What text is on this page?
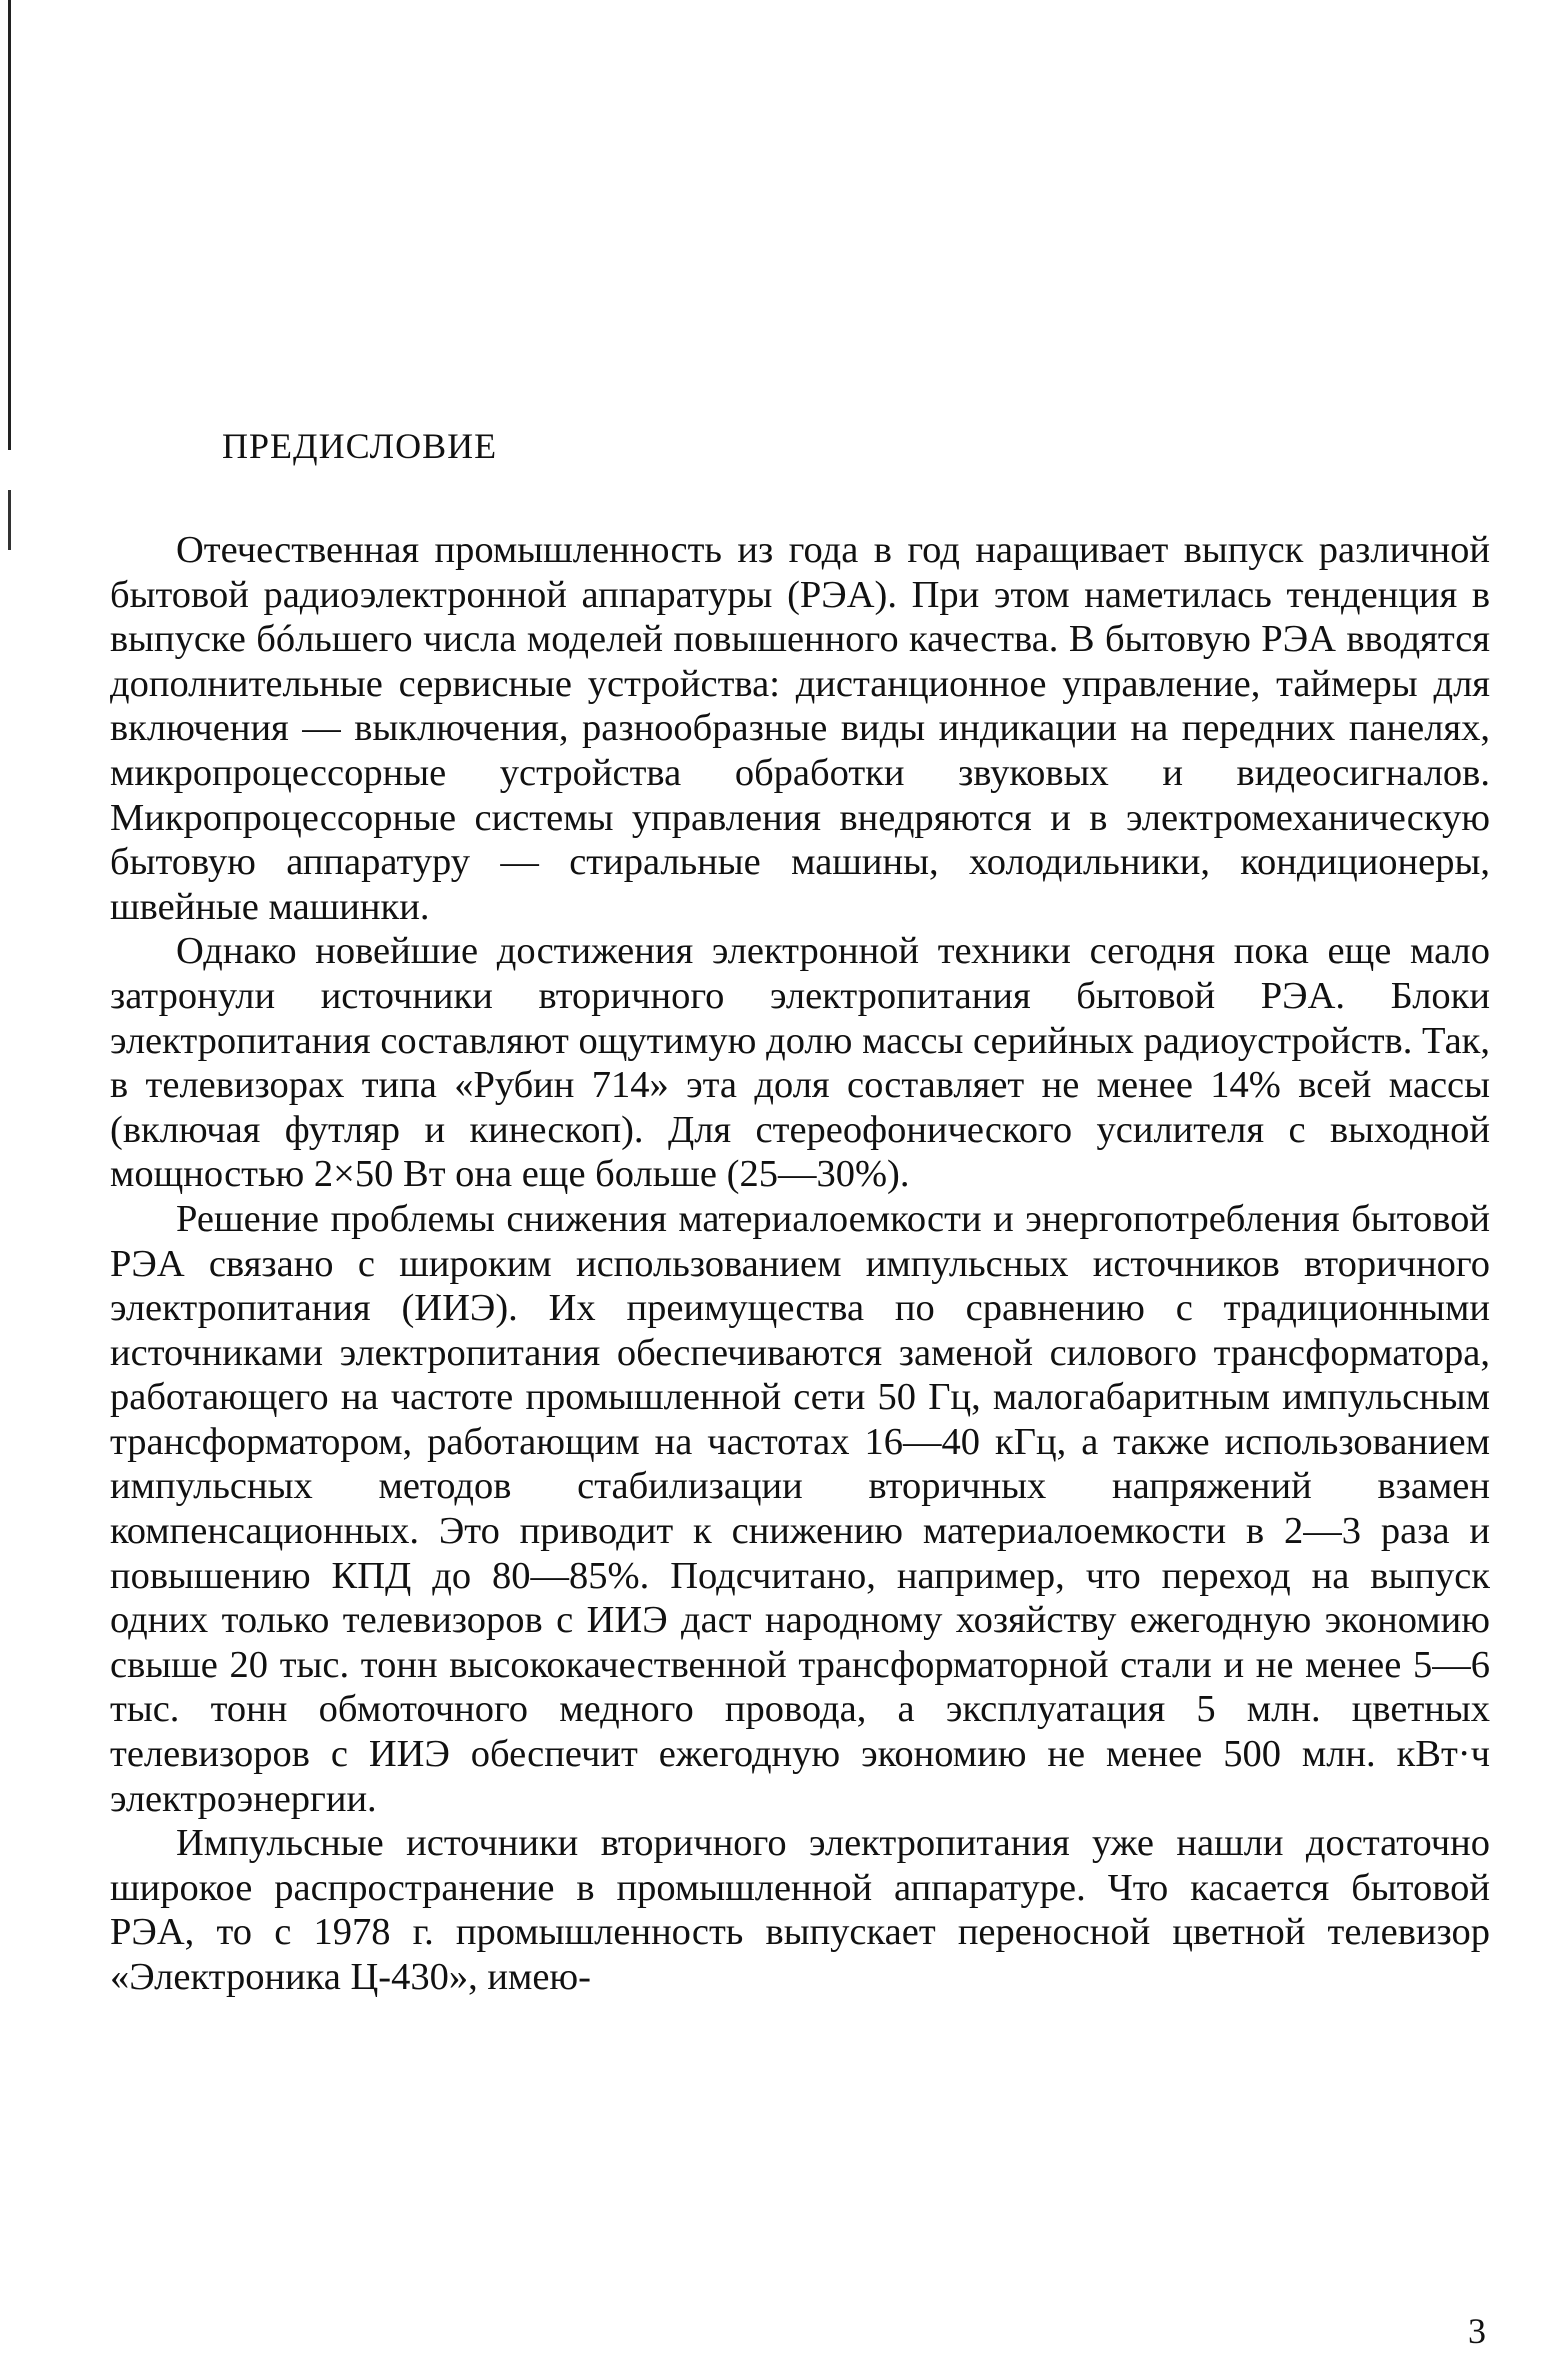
ПРЕДИСЛОВИЕ

Отечественная промышленность из года в год наращивает выпуск различной бытовой радиоэлектронной аппаратуры (РЭА). При этом наметилась тенденция в выпуске бóльшего числа моделей повышенного качества. В бытовую РЭА вводятся дополнительные сервисные устройства: дистанционное управление, таймеры для включения — выключения, разнообразные виды индикации на передних панелях, микропроцессорные устройства обработки звуковых и видеосигналов. Микропроцессорные системы управления внедряются и в электромеханическую бытовую аппаратуру — стиральные машины, холодильники, кондиционеры, швейные машинки.

Однако новейшие достижения электронной техники сегодня пока еще мало затронули источники вторичного электропитания бытовой РЭА. Блоки электропитания составляют ощутимую долю массы серийных радиоустройств. Так, в телевизорах типа «Рубин 714» эта доля составляет не менее 14% всей массы (включая футляр и кинескоп). Для стереофонического усилителя с выходной мощностью 2×50 Вт она еще больше (25—30%).

Решение проблемы снижения материалоемкости и энергопотребления бытовой РЭА связано с широким использованием импульсных источников вторичного электропитания (ИИЭ). Их преимущества по сравнению с традиционными источниками электропитания обеспечиваются заменой силового трансформатора, работающего на частоте промышленной сети 50 Гц, малогабаритным импульсным трансформатором, работающим на частотах 16—40 кГц, а также использованием импульсных методов стабилизации вторичных напряжений взамен компенсационных. Это приводит к снижению материалоемкости в 2—3 раза и повышению КПД до 80—85%. Подсчитано, например, что переход на выпуск одних только телевизоров с ИИЭ даст народному хозяйству ежегодную экономию свыше 20 тыс. тонн высококачественной трансформаторной стали и не менее 5—6 тыс. тонн обмоточного медного провода, а эксплуатация 5 млн. цветных телевизоров с ИИЭ обеспечит ежегодную экономию не менее 500 млн. кВт·ч электроэнергии.

Импульсные источники вторичного электропитания уже нашли достаточно широкое распространение в промышленной аппаратуре. Что касается бытовой РЭА, то с 1978 г. промышленность выпускает переносной цветной телевизор «Электроника Ц-430», имею-

3
